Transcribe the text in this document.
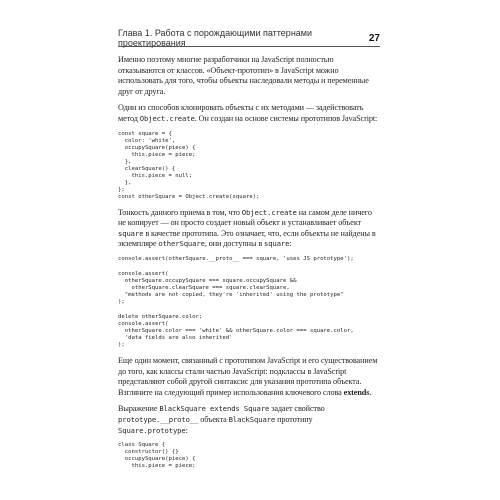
Глава 1. Работа с порождающими паттернами проектирования	27

Именно поэтому многие разработчики на JavaScript полностью отказываются от классов. «Объект-прототип» в JavaScript можно использовать для того, чтобы объекты наследовали методы и переменные друг от друга.

Один из способов клонировать объекты с их методами — задействовать метод Object.create. Он создан на основе системы прототипов JavaScript:

const square = {
color: 'white',
occupySquare(piece) {
this.piece = piece;
},
clearSquare() {
this.piece = null;
},
};
const otherSquare = Object.create(square);

Тонкость данного приема в том, что Object.create на самом деле ничего не копирует — он просто создает новый объект и устанавливает объект square в качестве прототипа. Это означает, что, если объекты не найдены в экземпляре otherSquare, они доступны в square:

console.assert(otherSquare.__proto__ === square, 'uses JS prototype');
console.assert(
otherSquare.occupySquare === square.occupySquare &&
otherSquare.clearSquare === square.clearSquare,
"methods are not copied, they're 'inherited' using the prototype"
);
delete otherSquare.color;
console.assert(
otherSquare.color === 'white' && otherSquare.color === square.color,
'data fields are also inherited'
);

Еще один момент, связанный с прототипом JavaScript и его существованием до того, как классы стали частью JavaScript: подклассы в JavaScript представляют собой другой синтаксис для указания прототипа объекта. Взгляните на следующий пример использования ключевого слова extends.

Выражение BlackSquare extends Square задает свойство prototype.__proto__ объекта BlackSquare прототипу Square.prototype:

class Square {
constructor() {}
occupySquare(piece) {
this.piece = piece;
